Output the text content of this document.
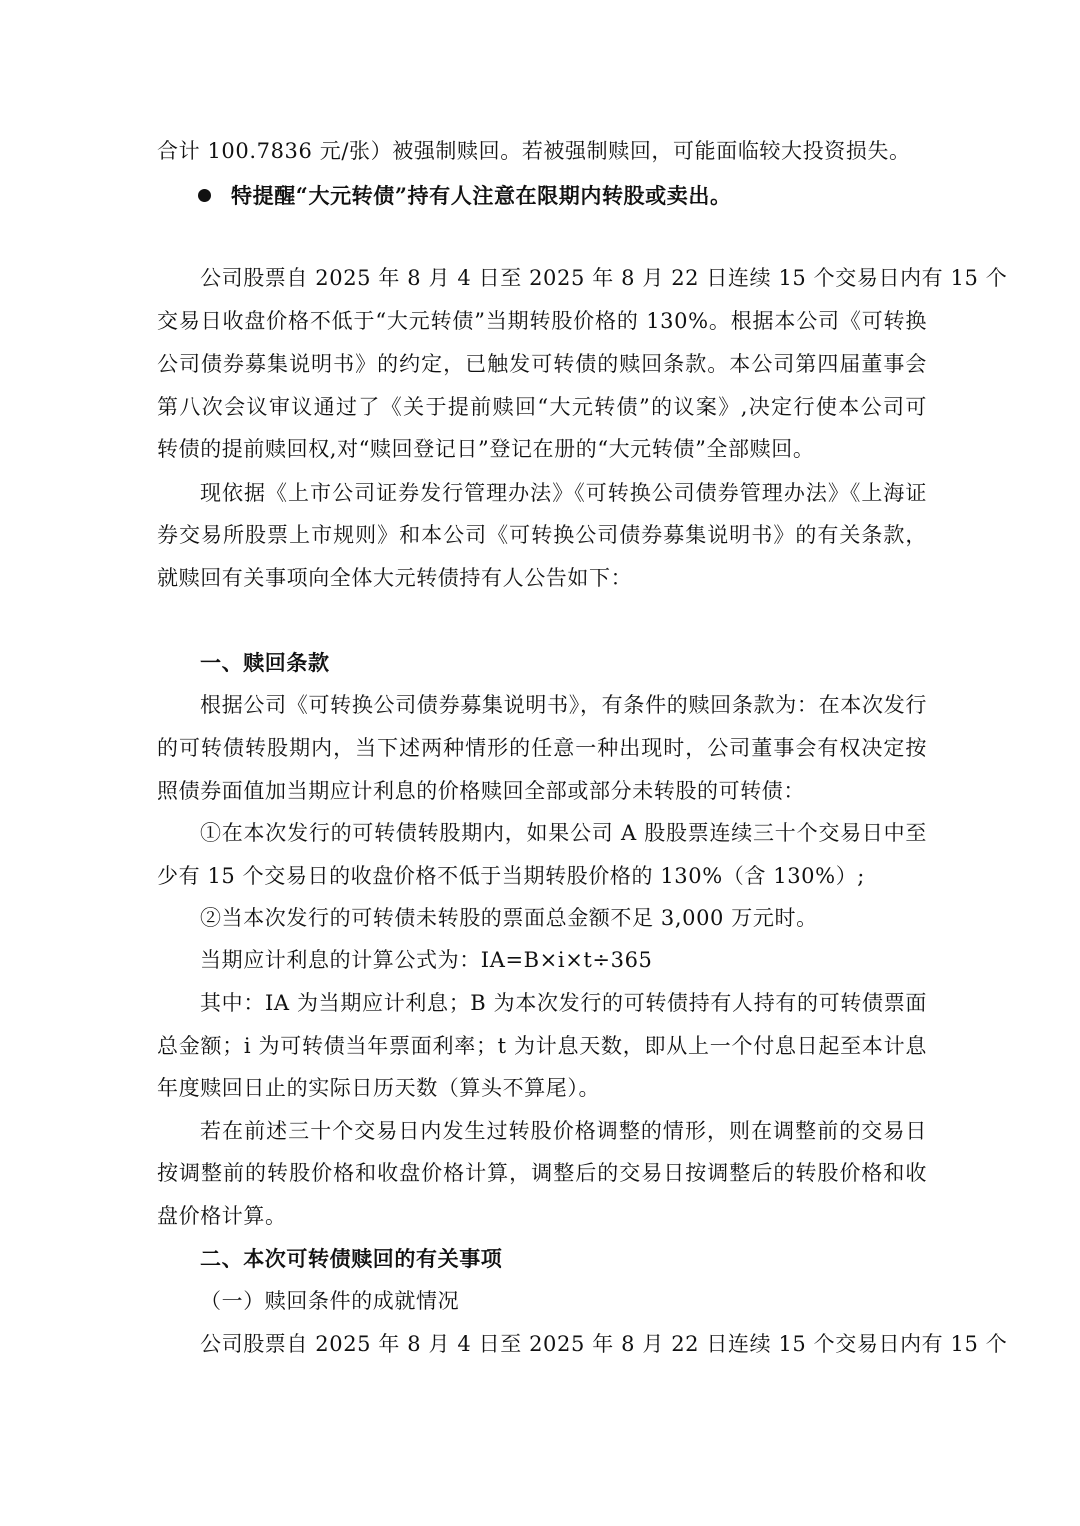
合计 100.7836 元/张）被强制赎回。若被强制赎回，可能面临较大投资损失。
特提醒“大元转债”持有人注意在限期内转股或卖出。
公司股票自 2025 年 8 月 4 日至 2025 年 8 月 22 日连续 15 个交易日内有 15 个
交易日收盘价格不低于“大元转债”当期转股价格的 130%。根据本公司《可转换
公司债券募集说明书》的约定，已触发可转债的赎回条款。本公司第四届董事会
第八次会议审议通过了《关于提前赎回“大元转债”的议案》,决定行使本公司可
转债的提前赎回权,对“赎回登记日”登记在册的“大元转债”全部赎回。
现依据《上市公司证券发行管理办法》《可转换公司债券管理办法》《上海证
券交易所股票上市规则》和本公司《可转换公司债券募集说明书》的有关条款，
就赎回有关事项向全体大元转债持有人公告如下：
一、赎回条款
根据公司《可转换公司债券募集说明书》，有条件的赎回条款为：在本次发行
的可转债转股期内，当下述两种情形的任意一种出现时，公司董事会有权决定按
照债券面值加当期应计利息的价格赎回全部或部分未转股的可转债：
①在本次发行的可转债转股期内，如果公司 A 股股票连续三十个交易日中至
少有 15 个交易日的收盘价格不低于当期转股价格的 130%（含 130%）;
②当本次发行的可转债未转股的票面总金额不足 3,000 万元时。
当期应计利息的计算公式为：IA=B×i×t÷365
其中：IA 为当期应计利息；B 为本次发行的可转债持有人持有的可转债票面
总金额；i 为可转债当年票面利率；t 为计息天数，即从上一个付息日起至本计息
年度赎回日止的实际日历天数（算头不算尾）。
若在前述三十个交易日内发生过转股价格调整的情形，则在调整前的交易日
按调整前的转股价格和收盘价格计算，调整后的交易日按调整后的转股价格和收
盘价格计算。
二、本次可转债赎回的有关事项
（一）赎回条件的成就情况
公司股票自 2025 年 8 月 4 日至 2025 年 8 月 22 日连续 15 个交易日内有 15 个
